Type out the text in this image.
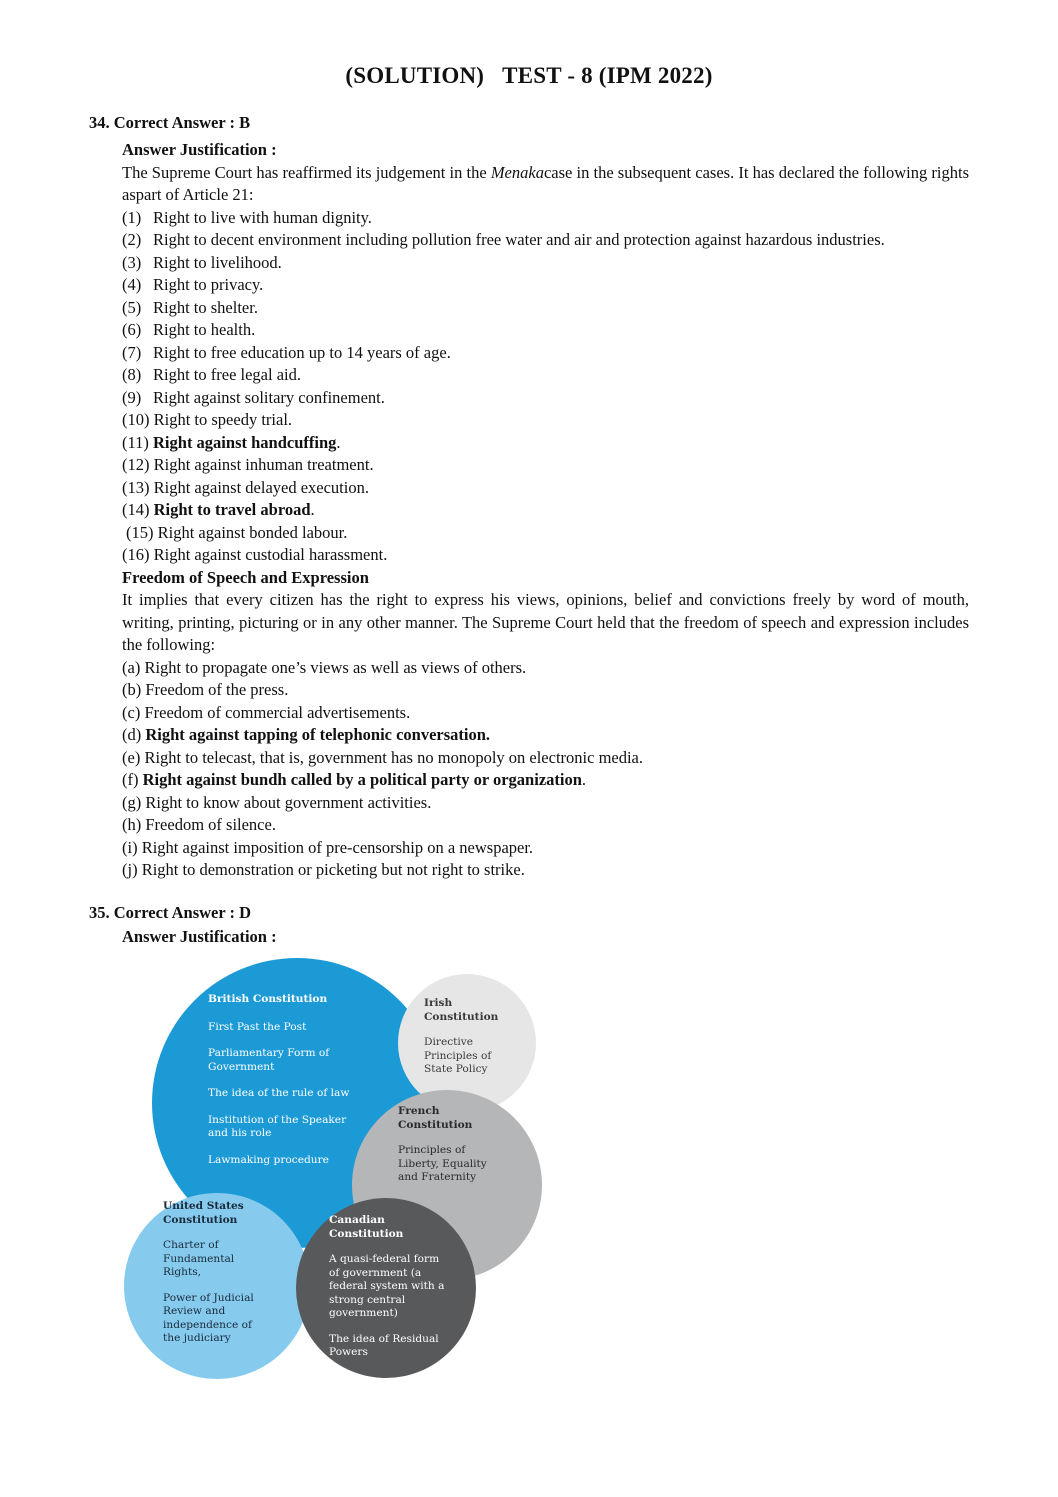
(SOLUTION) TEST - 8 (IPM 2022)
34. Correct Answer : B
Answer Justification :
The Supreme Court has reaffirmed its judgement in the Menakacase in the subsequent cases. It has declared the following rights aspart of Article 21:
(1) Right to live with human dignity.
(2) Right to decent environment including pollution free water and air and protection against hazardous industries.
(3) Right to livelihood.
(4) Right to privacy.
(5) Right to shelter.
(6) Right to health.
(7) Right to free education up to 14 years of age.
(8) Right to free legal aid.
(9) Right against solitary confinement.
(10) Right to speedy trial.
(11) Right against handcuffing.
(12) Right against inhuman treatment.
(13) Right against delayed execution.
(14) Right to travel abroad.
(15) Right against bonded labour.
(16) Right against custodial harassment.
Freedom of Speech and Expression
It implies that every citizen has the right to express his views, opinions, belief and convictions freely by word of mouth, writing, printing, picturing or in any other manner. The Supreme Court held that the freedom of speech and expression includes the following:
(a) Right to propagate one’s views as well as views of others.
(b) Freedom of the press.
(c) Freedom of commercial advertisements.
(d) Right against tapping of telephonic conversation.
(e) Right to telecast, that is, government has no monopoly on electronic media.
(f) Right against bundh called by a political party or organization.
(g) Right to know about government activities.
(h) Freedom of silence.
(i) Right against imposition of pre-censorship on a newspaper.
(j) Right to demonstration or picketing but not right to strike.
35. Correct Answer : D
Answer Justification :
British Constitution
First Past the Post
Parliamentary Form of Government
The idea of the rule of law
Institution of the Speaker and his role
Lawmaking procedure
Irish
Constitution
Directive
Principles of
State Policy
French
Constitution
Principles of
Liberty, Equality
and Fraternity
United States
Constitution
Charter of
Fundamental
Rights,
Power of Judicial
Review and
independence of
the judiciary
Canadian
Constitution
A quasi-federal form
of government (a
federal system with a
strong central
government)
The idea of Residual
Powers
